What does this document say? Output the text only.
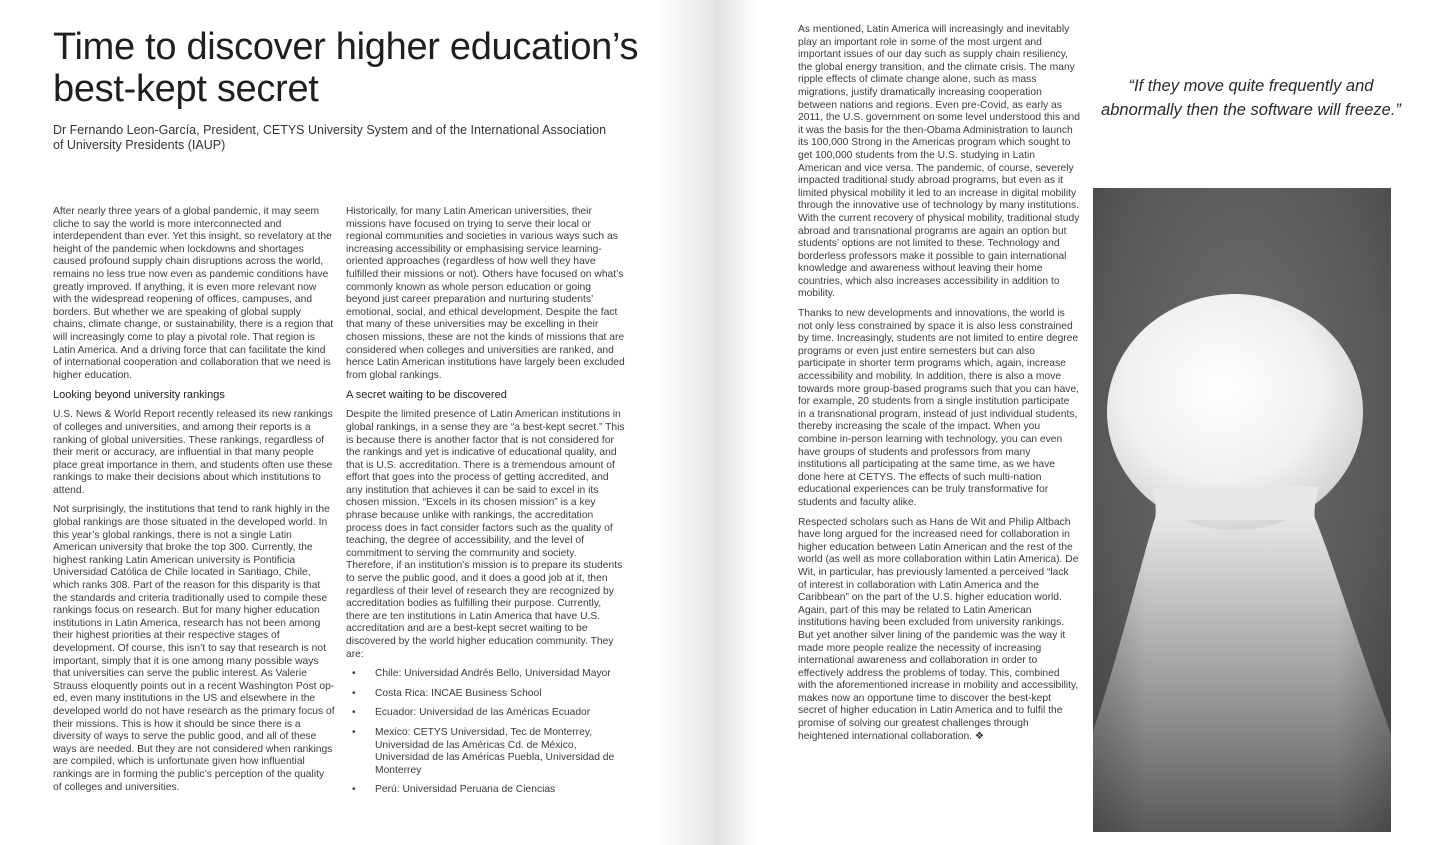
Time to discover higher education’s best-kept secret

Dr Fernando Leon-García, President, CETYS University System and of the International Association of University Presidents (IAUP)

After nearly three years of a global pandemic, it may seem cliche to say the world is more interconnected and interdependent than ever. Yet this insight, so revelatory at the height of the pandemic when lockdowns and shortages caused profound supply chain disruptions across the world, remains no less true now even as pandemic conditions have greatly improved. If anything, it is even more relevant now with the widespread reopening of offices, campuses, and borders. But whether we are speaking of global supply chains, climate change, or sustainability, there is a region that will increasingly come to play a pivotal role. That region is Latin America. And a driving force that can facilitate the kind of international cooperation and collaboration that we need is higher education.

Looking beyond university rankings

U.S. News & World Report recently released its new rankings of colleges and universities, and among their reports is a ranking of global universities. These rankings, regardless of their merit or accuracy, are influential in that many people place great importance in them, and students often use these rankings to make their decisions about which institutions to attend.

Not surprisingly, the institutions that tend to rank highly in the global rankings are those situated in the developed world. In this year’s global rankings, there is not a single Latin American university that broke the top 300. Currently, the highest ranking Latin American university is Pontificia Universidad Católica de Chile located in Santiago, Chile, which ranks 308. Part of the reason for this disparity is that the standards and criteria traditionally used to compile these rankings focus on research. But for many higher education institutions in Latin America, research has not been among their highest priorities at their respective stages of development. Of course, this isn’t to say that research is not important, simply that it is one among many possible ways that universities can serve the public interest. As Valerie Strauss eloquently points out in a recent Washington Post op-ed, even many institutions in the US and elsewhere in the developed world do not have research as the primary focus of their missions. This is how it should be since there is a diversity of ways to serve the public good, and all of these ways are needed. But they are not considered when rankings are compiled, which is unfortunate given how influential rankings are in forming the public’s perception of the quality of colleges and universities.

Historically, for many Latin American universities, their missions have focused on trying to serve their local or regional communities and societies in various ways such as increasing accessibility or emphasising service learning-oriented approaches (regardless of how well they have fulfilled their missions or not). Others have focused on what’s commonly known as whole person education or going beyond just career preparation and nurturing students’ emotional, social, and ethical development. Despite the fact that many of these universities may be excelling in their chosen missions, these are not the kinds of missions that are considered when colleges and universities are ranked, and hence Latin American institutions have largely been excluded from global rankings.

A secret waiting to be discovered

Despite the limited presence of Latin American institutions in global rankings, in a sense they are “a best-kept secret.” This is because there is another factor that is not considered for the rankings and yet is indicative of educational quality, and that is U.S. accreditation. There is a tremendous amount of effort that goes into the process of getting accredited, and any institution that achieves it can be said to excel in its chosen mission. “Excels in its chosen mission” is a key phrase because unlike with rankings, the accreditation process does in fact consider factors such as the quality of teaching, the degree of accessibility, and the level of commitment to serving the community and society. Therefore, if an institution’s mission is to prepare its students to serve the public good, and it does a good job at it, then regardless of their level of research they are recognized by accreditation bodies as fulfilling their purpose. Currently, there are ten institutions in Latin America that have U.S. accreditation and are a best-kept secret waiting to be discovered by the world higher education community. They are:

• Chile: Universidad Andrés Bello, Universidad Mayor
• Costa Rica: INCAE Business School
• Ecuador: Universidad de las Américas Ecuador
• Mexico: CETYS Universidad, Tec de Monterrey, Universidad de las Américas Cd. de México, Universidad de las Américas Puebla, Universidad de Monterrey
• Perú: Universidad Peruana de Ciencias

As mentioned, Latin America will increasingly and inevitably play an important role in some of the most urgent and important issues of our day such as supply chain resiliency, the global energy transition, and the climate crisis. The many ripple effects of climate change alone, such as mass migrations, justify dramatically increasing cooperation between nations and regions. Even pre-Covid, as early as 2011, the U.S. government on some level understood this and it was the basis for the then-Obama Administration to launch its 100,000 Strong in the Americas program which sought to get 100,000 students from the U.S. studying in Latin American and vice versa. The pandemic, of course, severely impacted traditional study abroad programs, but even as it limited physical mobility it led to an increase in digital mobility through the innovative use of technology by many institutions. With the current recovery of physical mobility, traditional study abroad and transnational programs are again an option but students’ options are not limited to these. Technology and borderless professors make it possible to gain international knowledge and awareness without leaving their home countries, which also increases accessibility in addition to mobility.

Thanks to new developments and innovations, the world is not only less constrained by space it is also less constrained by time. Increasingly, students are not limited to entire degree programs or even just entire semesters but can also participate in shorter term programs which, again, increase accessibility and mobility. In addition, there is also a move towards more group-based programs such that you can have, for example, 20 students from a single institution participate in a transnational program, instead of just individual students, thereby increasing the scale of the impact. When you combine in-person learning with technology, you can even have groups of students and professors from many institutions all participating at the same time, as we have done here at CETYS. The effects of such multi-nation educational experiences can be truly transformative for students and faculty alike.

Respected scholars such as Hans de Wit and Philip Altbach have long argued for the increased need for collaboration in higher education between Latin American and the rest of the world (as well as more collaboration within Latin America). De Wit, in particular, has previously lamented a perceived “lack of interest in collaboration with Latin America and the Caribbean” on the part of the U.S. higher education world. Again, part of this may be related to Latin American institutions having been excluded from university rankings. But yet another silver lining of the pandemic was the way it made more people realize the necessity of increasing international awareness and collaboration in order to effectively address the problems of today. This, combined with the aforementioned increase in mobility and accessibility, makes now an opportune time to discover the best-kept secret of higher education in Latin America and to fulfil the promise of solving our greatest challenges through heightened international collaboration. ❖

“If they move quite frequently and abnormally then the software will freeze.”
